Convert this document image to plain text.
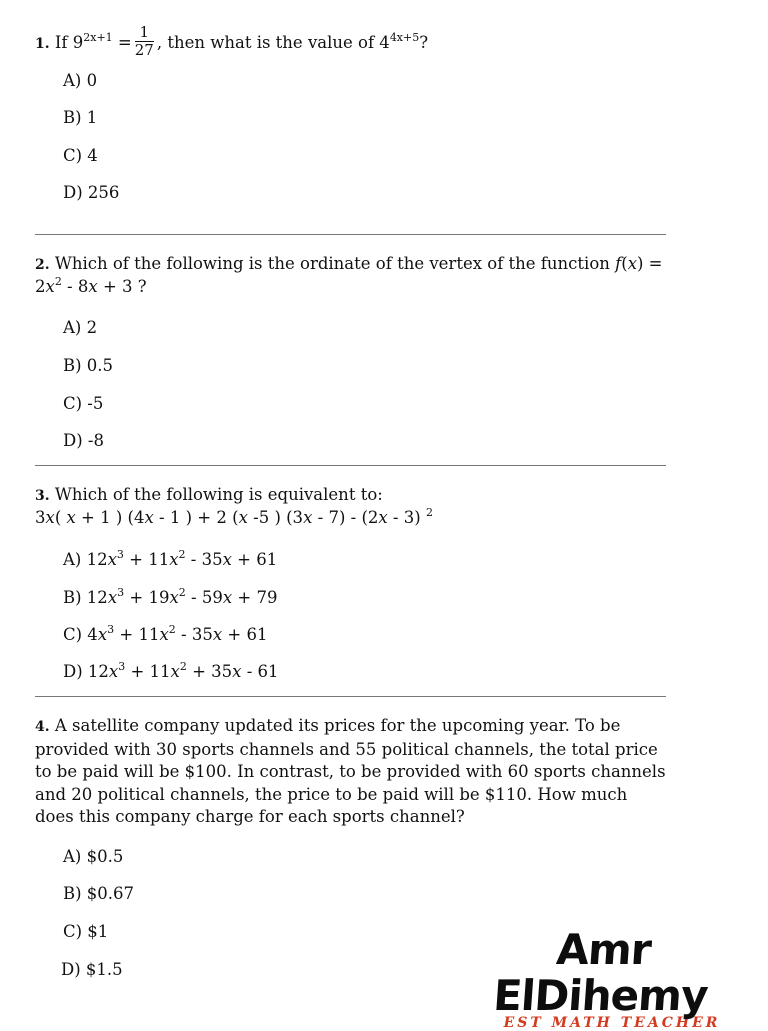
1. If $9^{2x+1} = \frac{1}{27}$ , then what is the value of $4^{4x+5}$?
A) 0
B) 1
C) 4
D) 256
2. Which of the following is the ordinate of the vertex of the function f(x) =
$2x^2 - 8x + 3$ ?
A) 2
B) 0.5
C) -5
D) -8
3. Which of the following is equivalent to:
3x( x + 1 ) (4x - 1 ) + 2 (x -5 ) (3x - 7) - (2x - 3) $^2$
A) $12x^3 + 11x^2 - 35x + 61$
B) $12x^3 + 19x^2 - 59x + 79$
C) $4x^3 + 11x^2 - 35x + 61$
D) $12x^3 + 11x^2 + 35x - 61$
4. A satellite company updated its prices for the upcoming year. To be provided with 30 sports channels and 55 political channels, the total price to be paid will be $100. In contrast, to be provided with 60 sports channels and 20 political channels, the price to be paid will be $110. How much does this company charge for each sports channel?
A) $0.5
B) $0.67
C) $1
D) $1.5	Amr ElDihemy
EST MATH TEACHER
